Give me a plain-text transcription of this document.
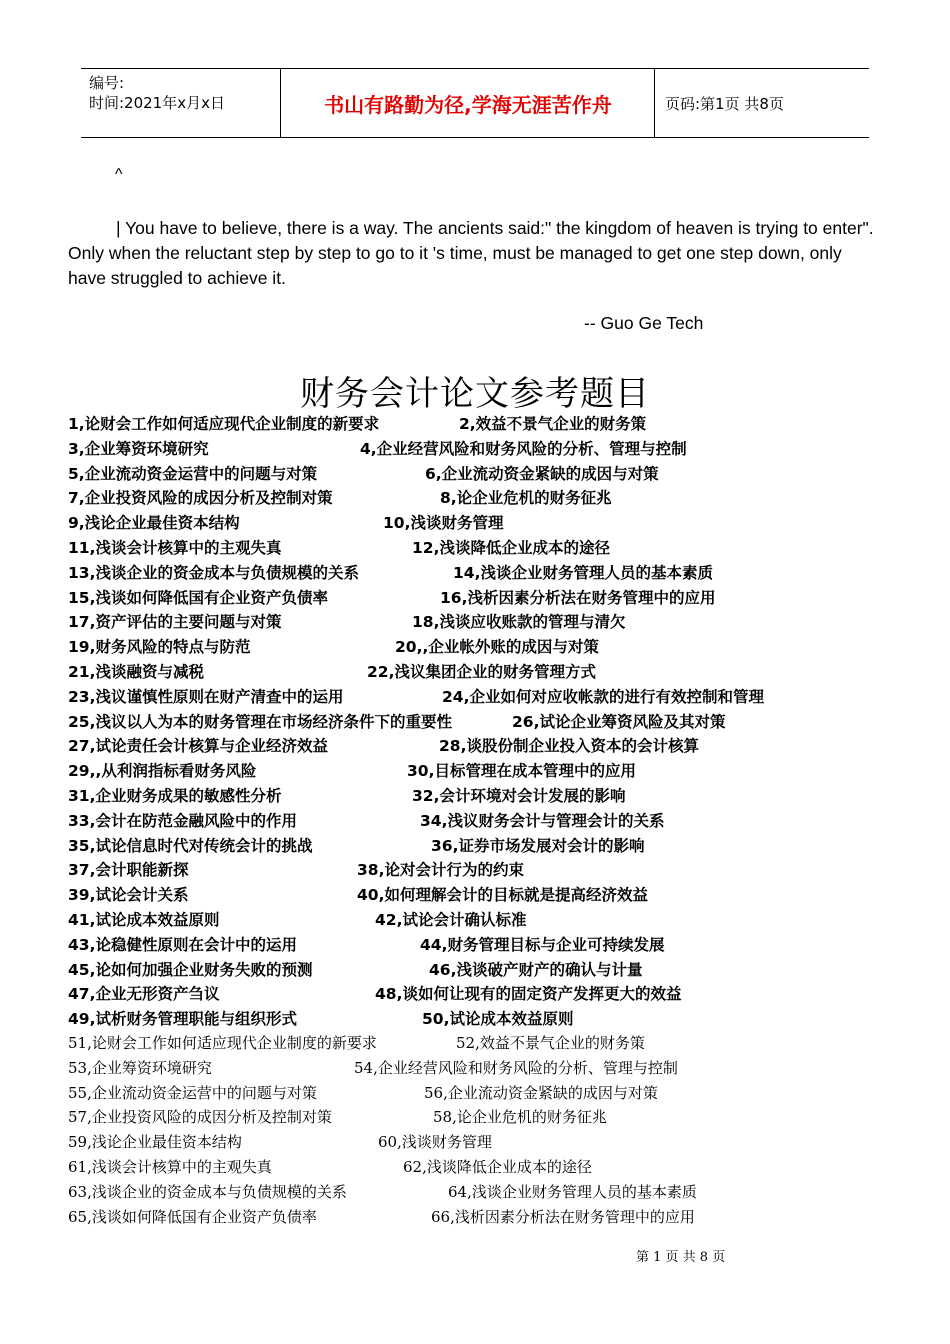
编号:
时间:2021年x月x日	书山有路勤为径,学海无涯苦作舟	页码:第1页 共8页
^
| You have to believe, there is a way. The ancients said:" the kingdom of heaven is trying to enter". Only when the reluctant step by step to go to it 's time, must be managed to get one step down, only have struggled to achieve it.
-- Guo Ge Tech
财务会计论文参考题目
1,论财会工作如何适应现代企业制度的新要求	2,效益不景气企业的财务策
3,企业筹资环境研究	4,企业经营风险和财务风险的分析、管理与控制
5,企业流动资金运营中的问题与对策	6,企业流动资金紧缺的成因与对策
7,企业投资风险的成因分析及控制对策	8,论企业危机的财务征兆
9,浅论企业最佳资本结构	10,浅谈财务管理
11,浅谈会计核算中的主观失真	12,浅谈降低企业成本的途径
13,浅谈企业的资金成本与负债规模的关系	14,浅谈企业财务管理人员的基本素质
15,浅谈如何降低国有企业资产负债率	16,浅析因素分析法在财务管理中的应用
17,资产评估的主要问题与对策	18,浅谈应收账款的管理与清欠
19,财务风险的特点与防范	20,,企业帐外账的成因与对策
21,浅谈融资与减税	22,浅议集团企业的财务管理方式
23,浅议谨慎性原则在财产清查中的运用	24,企业如何对应收帐款的进行有效控制和管理
25,浅议以人为本的财务管理在市场经济条件下的重要性	26,试论企业筹资风险及其对策
27,试论责任会计核算与企业经济效益	28,谈股份制企业投入资本的会计核算
29,,从利润指标看财务风险	30,目标管理在成本管理中的应用
31,企业财务成果的敏感性分析	32,会计环境对会计发展的影响
33,会计在防范金融风险中的作用	34,浅议财务会计与管理会计的关系
35,试论信息时代对传统会计的挑战	36,证券市场发展对会计的影响
37,会计职能新探	38,论对会计行为的约束
39,试论会计关系	40,如何理解会计的目标就是提高经济效益
41,试论成本效益原则	42,试论会计确认标准
43,论稳健性原则在会计中的运用	44,财务管理目标与企业可持续发展
45,论如何加强企业财务失败的预测	46,浅谈破产财产的确认与计量
47,企业无形资产刍议	48,谈如何让现有的固定资产发挥更大的效益
49,试析财务管理职能与组织形式	50,试论成本效益原则
51,论财会工作如何适应现代企业制度的新要求	52,效益不景气企业的财务策
53,企业筹资环境研究	54,企业经营风险和财务风险的分析、管理与控制
55,企业流动资金运营中的问题与对策	56,企业流动资金紧缺的成因与对策
57,企业投资风险的成因分析及控制对策	58,论企业危机的财务征兆
59,浅论企业最佳资本结构	60,浅谈财务管理
61,浅谈会计核算中的主观失真	62,浅谈降低企业成本的途径
63,浅谈企业的资金成本与负债规模的关系	64,浅谈企业财务管理人员的基本素质
65,浅谈如何降低国有企业资产负债率	66,浅析因素分析法在财务管理中的应用
第 1 页 共 8 页
